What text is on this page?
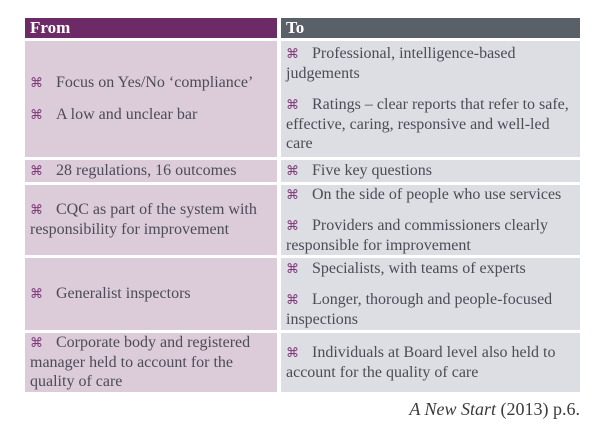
From	To
⌘ Focus on Yes/No ‘compliance’
⌘ A low and unclear bar
⌘ Professional, intelligence-based judgements
⌘ Ratings – clear reports that refer to safe, effective, caring, responsive and well-led care
⌘ 28 regulations, 16 outcomes	⌘ Five key questions
⌘ CQC as part of the system with responsibility for improvement
⌘ On the side of people who use services
⌘ Providers and commissioners clearly responsible for improvement
⌘ Generalist inspectors
⌘ Specialists, with teams of experts
⌘ Longer, thorough and people-focused inspections
⌘ Corporate body and registered manager held to account for the quality of care
⌘ Individuals at Board level also held to account for the quality of care
A New Start (2013) p.6.
